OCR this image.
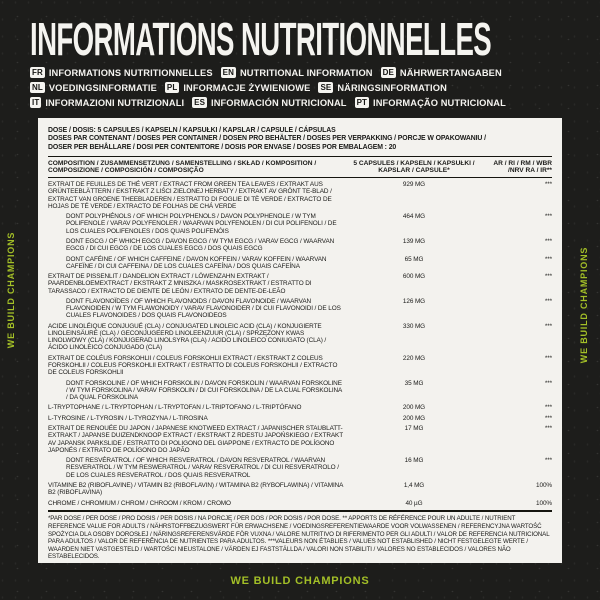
INFORMATIONS NUTRITIONNELLES
FR INFORMATIONS NUTRITIONNELLES EN NUTRITIONAL INFORMATION DE NÄHRWERTANGABEN
NL VOEDINGSINFORMATIE PL INFORMACJE ŻYWIENIOWE SE NÄRINGSINFORMATION
IT INFORMAZIONI NUTRIZIONALI ES INFORMACIÓN NUTRICIONAL PT INFORMAÇÃO NUTRICIONAL
DOSE / DOSIS: 5 CAPSULES / KAPSELN / KAPSUŁKI / KAPSLAR / CAPSULE / CÁPSULAS
DOSES PAR CONTENANT / DOSES PER CONTAINER / DOSEN PRO BEHÄLTER / DOSES PER VERPAKKING / PORCJE W OPAKOWANIU /
DOSER PER BEHÅLLARE / DOSI PER CONTENITORE / DOSIS POR ENVASE / DOSES POR EMBALAGEM : 20
COMPOSITION / ZUSAMMENSETZUNG / SAMENSTELLING / SKŁAD / KOMPOSITION / COMPOSIZIONE / COMPOSICIÓN / COMPOSIÇÃO
5 CAPSULES / KAPSELN / KAPSUŁKI / KAPSLAR / CAPSULE*
AR / RI / RM / WBR /NRV RA / IR**
EXTRAIT DE FEUILLES DE THÉ VERT / EXTRACT FROM GREEN TEA LEAVES / EXTRAKT AUS GRÜNTEEBLÄTTERN / EKSTRAKT Z LIŚCI ZIELONEJ HERBATY / EXTRAKT AV GRÖNT TE-BLAD / EXTRACT VAN GROENE THEEBLADEREN / ESTRATTO DI FOGLIE DI TÈ VERDE / EXTRACTO DE HOJAS DE TÉ VERDE / EXTRACTO DE FOLHAS DE CHÁ VERDE
929 MG	***
DONT POLYPHÉNOLS / OF WHICH POLYPHENOLS / DAVON POLYPHENOLE / W TYM POLIFENOLE / VARAV POLYFENOLER / WAARVAN POLYFENOLEN / DI CUI POLIFENOLI / DE LOS CUALES POLIFENOLES / DOS QUAIS POLIFENÓIS
464 MG	***
DONT EGCG / OF WHICH EGCG / DAVON EGCG / W TYM EGCG / VARAV EGCG / WAARVAN EGCG / DI CUI EGCG / DE LOS CUALES EGCG / DOS QUAIS EGCG
139 MG	***
DONT CAFÉINE / OF WHICH CAFFEINE / DAVON KOFFEIN / VARAV KOFFEIN / WAARVAN CAFEÏNE / DI CUI CAFFEINA / DE LOS CUALES CAFEÍNA / DOS QUAIS CAFEÍNA
65 MG	***
EXTRAIT DE PISSENLIT / DANDELION EXTRACT / LÖWENZAHN EXTRAKT / PAARDENBLOEMEXTRACT / EKSTRAKT Z MNISZKA / MASKROSEXTRAKT / ESTRATTO DI TARASSACO / EXTRACTO DE DIENTE DE LEÓN / EXTRATO DE DENTE-DE-LEÃO
600 MG	***
DONT FLAVONOÏDES / OF WHICH FLAVONOIDS / DAVON FLAVONOIDE / WAARVAN FLAVONOIDEN / W TYM FLAWONOIDY / VARAV FLAVONOIDER / DI CUI FLAVONOIDI / DE LOS CUALES FLAVONOIDES / DOS QUAIS FLAVONOIDEOS
126 MG	***
ACIDE LINOLÉIQUE CONJUGUÉ (CLA) / CONJUGATED LINOLEIC ACID (CLA) / KONJUGIERTE LINOLEINSÄURE (CLA) / GECONJUGEERD LINOLEENZUUR (CLA) / SPRZĘŻONY KWAS LINOLWOWY (CLA) / KONJUGERAD LINOLSYRA (CLA) / ACIDO LINOLEICO CONIUGATO (CLA) / ÁCIDO LINOLEICO CONJUGADO (CLA)
330 MG	***
EXTRAIT DE COLÉUS FORSKOHLII / COLEUS FORSKOHLII EXTRACT / EKSTRAKT Z COLEUS FORSKOHLII / COLEUS FORSKOHLII EXTRAKT / ESTRATTO DI COLEUS FORSKOHLII / EXTRACTO DE COLEUS FORSKOHLII
220 MG	***
DONT FORSKOLINE / OF WHICH FORSKOLIN / DAVON FORSKOLIN / WAARVAN FORSKOLINE / W TYM FORSKOLINA / VARAV FORSKOLIN / DI CUI FORSKOLINA / DE LA CUAL FORSKOLINA / DA QUAL FORSKOLINA
35 MG	***
L-TRYPTOPHANE / L-TRYPTOPHAN / L-TRYPTOFAN / L-TRIPTOFANO / L-TRIPTÓFANO	200 MG	***
L-TYROSINE / L-TYROSIN / L-TYROZYNA / L-TIROSINA	200 MG	***
EXTRAIT DE RENOUÉE DU JAPON / JAPANESE KNOTWEED EXTRACT / JAPANISCHER STAUBLATT-EXTRAKT / JAPANSE DUIZENDKNOOP EXTRACT / EKSTRAKT Z RDESTU JAPOŃSKIEGO / EXTRAKT AV JAPANSK PARKSLIDE / ESTRATTO DI POLIGONO DEL GIAPPONE / EXTRACTO DE POLÍGONO JAPONÉS / EXTRATO DE POLÍGONO DO JAPÃO
17 MG	***
DONT RESVÉRATROL / OF WHICH RESVERATROL / DAVON RESVERATROL / WAARVAN RESVERATROL / W TYM RESWERATROL / VARAV RESVERATROL / DI CUI RESVERATROLO / DE LOS CUALES RESVERATROL / DOS QUAIS RESVERATROL
16 MG	***
VITAMINE B2 (RIBOFLAVINE) / VITAMIN B2 (RIBOFLAVIN) / WITAMINA B2 (RYBOFLAWINA) / VITAMINA B2 (RIBOFLAVINA)
1,4 MG	100%
CHROME / CHROMIUM / CHROM / CHROOM / KROM / CROMO	40 µG	100%
*PAR DOSE / PER DOSE / PRO DOSIS / PER DOSIS / NA PORCJĘ / PER DOS / POR DOSIS / POR DOSE. ** APPORTS DE RÉFÉRENCE POUR UN ADULTE / NUTRIENT REFERENCE VALUE FOR ADULTS / NÄHRSTOFFBEZUGSWERT FÜR ERWACHSENE / VOEDINGSREFERENTIEWAARDE VOOR VOLWASSENEN / REFERENCYJNA WARTOŚĆ SPOŻYCIA DLA OSOBY DOROSŁEJ / NÄRINGSREFERENSVÄRDE FÖR VUXNA / VALORE NUTRITIVO DI RIFERIMENTO PER GLI ADULTI / VALOR DE REFERENCIA NUTRICIONAL PARA ADULTOS / VALOR DE REFERÊNCIA DE NUTRIENTES PARA ADULTOS. ***VALEURS NON ÉTABLIES / VALUES NOT ESTABLISHED / NICHT FESTGELEGTE WERTE / WAARDEN NIET VASTGESTELD / WARTOŚCI NIEUSTALONE / VÄRDEN EJ FASTSTÄLLDA / VALORI NON STABILITI / VALORES NO ESTABLECIDOS / VALORES NÃO ESTABELECIDOS.
WE BUILD CHAMPIONS	WE BUILD CHAMPIONS
WE BUILD CHAMPIONS
